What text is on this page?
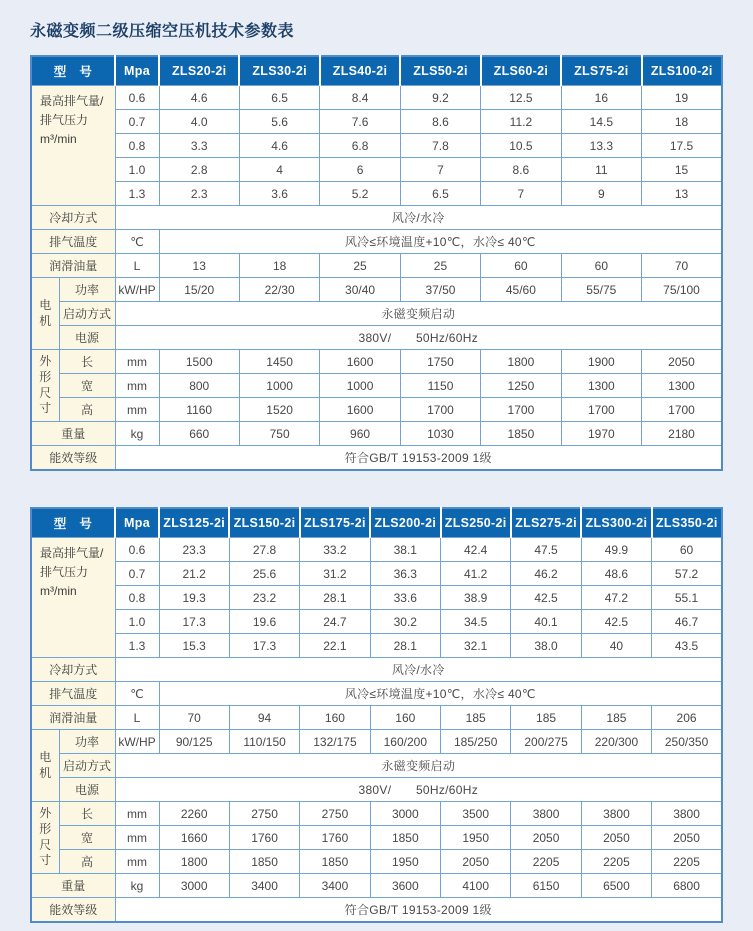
永磁变频二级压缩空压机技术参数表
型　号		Mpa	ZLS20-2i	ZLS30-2i	ZLS40-2i	ZLS50-2i	ZLS60-2i	ZLS75-2i	ZLS100-2i

最高排气量/
排气压力
m³/min		0.6	4.6	6.5	8.4	9.2	12.5	16	19
		0.7	4.0	5.6	7.6	8.6	11.2	14.5	18
		0.8	3.3	4.6	6.8	7.8	10.5	13.3	17.5
		1.0	2.8	4	6	7	8.6	11	15
		1.3	2.3	3.6	5.2	6.5	7	9	13
冷却方式		风冷/水冷							
排气温度		℃	风冷≤环境温度+10℃，水冷≤ 40℃						
润滑油量		L	13	18	25	25	60	60	70

电
机	功率	kW/HP	15/20	22/30	30/40	37/50	45/60	55/75	75/100
	启动方式	永磁变频启动							
	电源	380V/　　50Hz/60Hz							

外
形
尺
寸	长	mm	1500	1450	1600	1750	1800	1900	2050
	宽	mm	800	1000	1000	1150	1250	1300	1300
	高	mm	1160	1520	1600	1700	1700	1700	1700
重量		kg	660	750	960	1030	1850	1970	2180
能效等级		符合GB/T 19153-2009 1级							
型　号		Mpa	ZLS125-2i	ZLS150-2i	ZLS175-2i	ZLS200-2i	ZLS250-2i	ZLS275-2i	ZLS300-2i	ZLS350-2i

最高排气量/
排气压力
m³/min		0.6	23.3	27.8	33.2	38.1	42.4	47.5	49.9	60
		0.7	21.2	25.6	31.2	36.3	41.2	46.2	48.6	57.2
		0.8	19.3	23.2	28.1	33.6	38.9	42.5	47.2	55.1
		1.0	17.3	19.6	24.7	30.2	34.5	40.1	42.5	46.7
		1.3	15.3	17.3	22.1	28.1	32.1	38.0	40	43.5
冷却方式		风冷/水冷								
排气温度		℃	风冷≤环境温度+10℃，水冷≤ 40℃							
润滑油量		L	70	94	160	160	185	185	185	206

电
机	功率	kW/HP	90/125	110/150	132/175	160/200	185/250	200/275	220/300	250/350
	启动方式	永磁变频启动								
	电源	380V/　　50Hz/60Hz								

外
形
尺
寸	长	mm	2260	2750	2750	3000	3500	3800	3800	3800
	宽	mm	1660	1760	1760	1850	1950	2050	2050	2050
	高	mm	1800	1850	1850	1950	2050	2205	2205	2205
重量		kg	3000	3400	3400	3600	4100	6150	6500	6800
能效等级		符合GB/T 19153-2009 1级								
